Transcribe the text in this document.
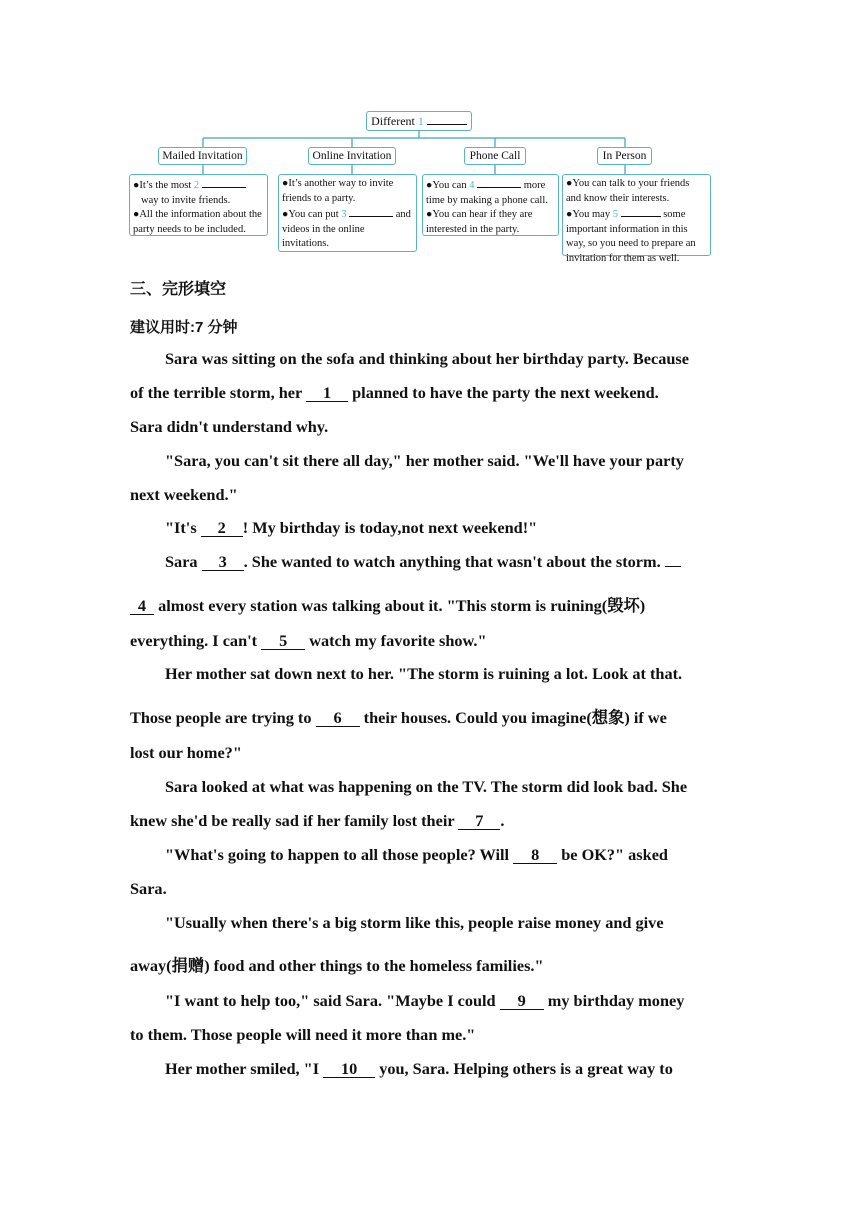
Different 1
Mailed Invitation	Online Invitation	Phone Call	In Person
●It’s the most 2
way to invite friends.
●All the information about the party needs to be included.
●It’s another way to invite friends to a party.
●You can put 3	and videos in the online invitations.
●You can 4	more time by making a phone call.
●You can hear if they are interested in the party.
●You can talk to your friends and know their interests.
●You may 5	some important information in this way, so you need to prepare an invitation for them as well.
三、完形填空
建议用时:7 分钟
Sara was sitting on the sofa and thinking about her birthday party. Because
of the terrible storm, her 1 planned to have the party the next weekend.
Sara didn't understand why.
"Sara, you can't sit there all day," her mother said. "We'll have your party
next weekend."
"It's 2 ! My birthday is today,not next weekend!"
Sara 3 . She wanted to watch anything that wasn't about the storm.
4 almost every station was talking about it. "This storm is ruining(毁坏)
everything. I can't 5 watch my favorite show."
Her mother sat down next to her. "The storm is ruining a lot. Look at that.
Those people are trying to 6 their houses. Could you imagine(想象) if we
lost our home?"
Sara looked at what was happening on the TV. The storm did look bad. She
knew she'd be really sad if her family lost their 7 .
"What's going to happen to all those people? Will 8 be OK?" asked
Sara.
"Usually when there's a big storm like this, people raise money and give
away(捐赠) food and other things to the homeless families."
"I want to help too," said Sara. "Maybe I could 9 my birthday money
to them. Those people will need it more than me."
Her mother smiled, "I 10 you, Sara. Helping others is a great way to
